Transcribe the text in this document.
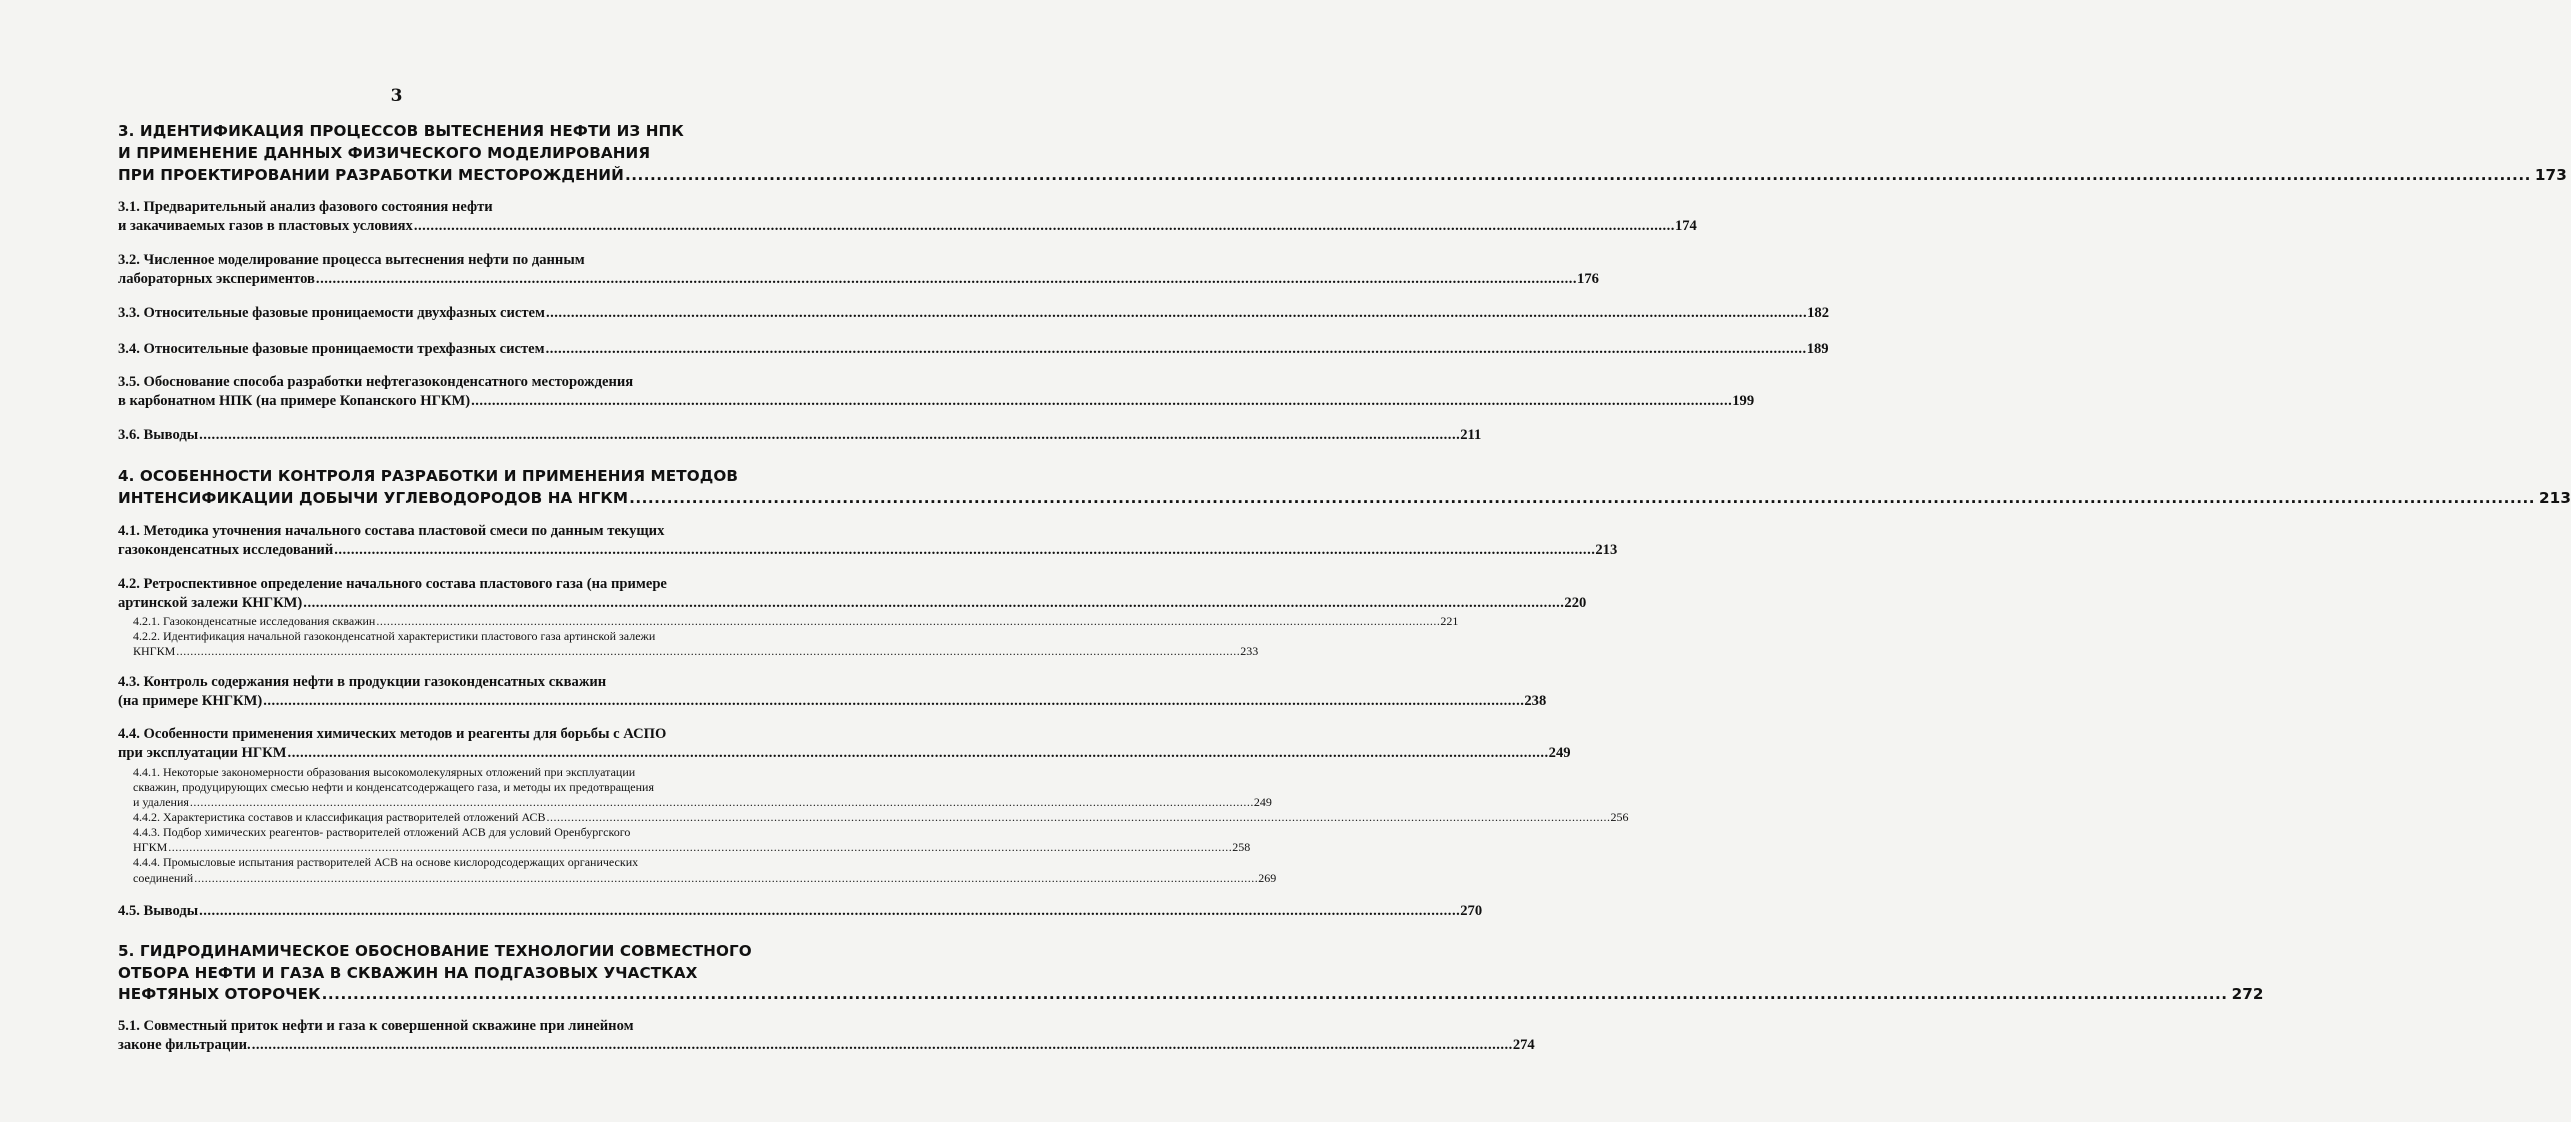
3
3. ИДЕНТИФИКАЦИЯ ПРОЦЕССОВ ВЫТЕСНЕНИЯ НЕФТИ ИЗ НПК
И ПРИМЕНЕНИЕ ДАННЫХ ФИЗИЧЕСКОГО МОДЕЛИРОВАНИЯ
ПРИ ПРОЕКТИРОВАНИИ РАЗРАБОТКИ МЕСТОРОЖДЕНИЙ .....	173
3.1. Предварительный анализ фазового состояния нефти
и закачиваемых газов в пластовых условиях .....	174
3.2. Численное моделирование процесса вытеснения нефти по данным
лабораторных экспериментов .....	176
3.3. Относительные фазовые проницаемости двухфазных систем .....	182
3.4. Относительные фазовые проницаемости трехфазных систем .....	189
3.5. Обоснование способа разработки нефтегазоконденсатного месторождения
в карбонатном НПК (на примере Копанского НГКМ) .....	199
3.6. Выводы .....	211
4. ОСОБЕННОСТИ КОНТРОЛЯ РАЗРАБОТКИ И ПРИМЕНЕНИЯ МЕТОДОВ
ИНТЕНСИФИКАЦИИ ДОБЫЧИ УГЛЕВОДОРОДОВ НА НГКМ .....	213
4.1. Методика уточнения начального состава пластовой смеси по данным текущих
газоконденсатных исследований .....	213
4.2. Ретроспективное определение начального состава пластового газа (на примере
артинской залежи КНГКМ) .....	220
4.2.1. Газоконденсатные исследования скважин .....	221
4.2.2. Идентификация начальной газоконденсатной характеристики пластового газа артинской залежи
КНГКМ .....	233
4.3. Контроль содержания нефти в продукции газоконденсатных скважин
(на примере КНГКМ) .....	238
4.4. Особенности применения химических методов и реагенты для борьбы с АСПО
при эксплуатации НГКМ .....	249
4.4.1. Некоторые закономерности образования высокомолекулярных отложений при эксплуатации
скважин, продуцирующих смесью нефти и конденсатсодержащего газа, и методы их предотвращения
и удаления .....	249
4.4.2. Характеристика составов и классификация растворителей отложений АСВ .....	256
4.4.3. Подбор химических реагентов- растворителей отложений АСВ для условий Оренбургского
НГКМ .....	258
4.4.4. Промысловые испытания растворителей АСВ на основе кислородсодержащих органических
соединений .....	269
4.5. Выводы .....	270
5. ГИДРОДИНАМИЧЕСКОЕ ОБОСНОВАНИЕ ТЕХНОЛОГИИ СОВМЕСТНОГО
ОТБОРА НЕФТИ И ГАЗА В СКВАЖИН НА ПОДГАЗОВЫХ УЧАСТКАХ
НЕФТЯНЫХ ОТОРОЧЕК .....	272
5.1. Совместный приток нефти и газа к совершенной скважине при линейном
законе фильтрации. .....	274
